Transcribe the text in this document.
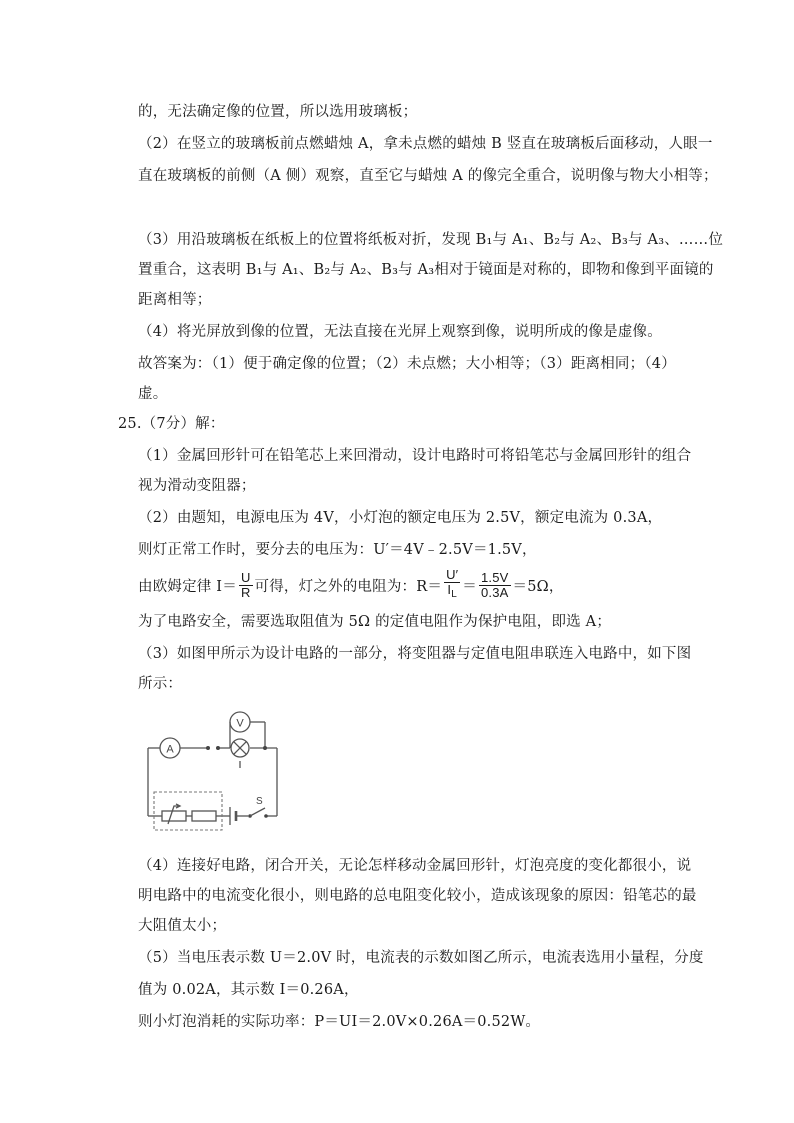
的，无法确定像的位置，所以选用玻璃板；
（2）在竖立的玻璃板前点燃蜡烛 A，拿未点燃的蜡烛 B 竖直在玻璃板后面移动，人眼一
直在玻璃板的前侧（A 侧）观察，直至它与蜡烛 A 的像完全重合，说明像与物大小相等；
（3）用沿玻璃板在纸板上的位置将纸板对折，发现 B₁与 A₁、B₂与 A₂、B₃与 A₃、……位
置重合，这表明 B₁与 A₁、B₂与 A₂、B₃与 A₃相对于镜面是对称的，即物和像到平面镜的
距离相等；
（4）将光屏放到像的位置，无法直接在光屏上观察到像，说明所成的像是虚像。
故答案为：（1）便于确定像的位置；（2）未点燃；大小相等；（3）距离相同；（4）
虚。
25.（7分）解：
（1）金属回形针可在铅笔芯上来回滑动，设计电路时可将铅笔芯与金属回形针的组合
视为滑动变阻器；
（2）由题知，电源电压为 4V，小灯泡的额定电压为 2.5V，额定电流为 0.3A，
则灯正常工作时，要分去的电压为：U′＝4V﹣2.5V＝1.5V，
由欧姆定律 $I= \frac{U}{R}$ 可得，灯之外的电阻为：$R= \frac{U'}{I_L} = \frac{1.5V}{0.3A} =5\Omega$，
为了电路安全，需要选取阻值为 5Ω 的定值电阻作为保护电阻，即选 A；
（3）如图甲所示为设计电路的一部分，将变阻器与定值电阻串联连入电路中，如下图
所示：
A
V
S
（4）连接好电路，闭合开关，无论怎样移动金属回形针，灯泡亮度的变化都很小，说
明电路中的电流变化很小，则电路的总电阻变化较小，造成该现象的原因：铅笔芯的最
大阻值太小；
（5）当电压表示数 U＝2.0V 时，电流表的示数如图乙所示，电流表选用小量程，分度
值为 0.02A，其示数 I＝0.26A，
则小灯泡消耗的实际功率：P＝UI＝2.0V×0.26A＝0.52W。
